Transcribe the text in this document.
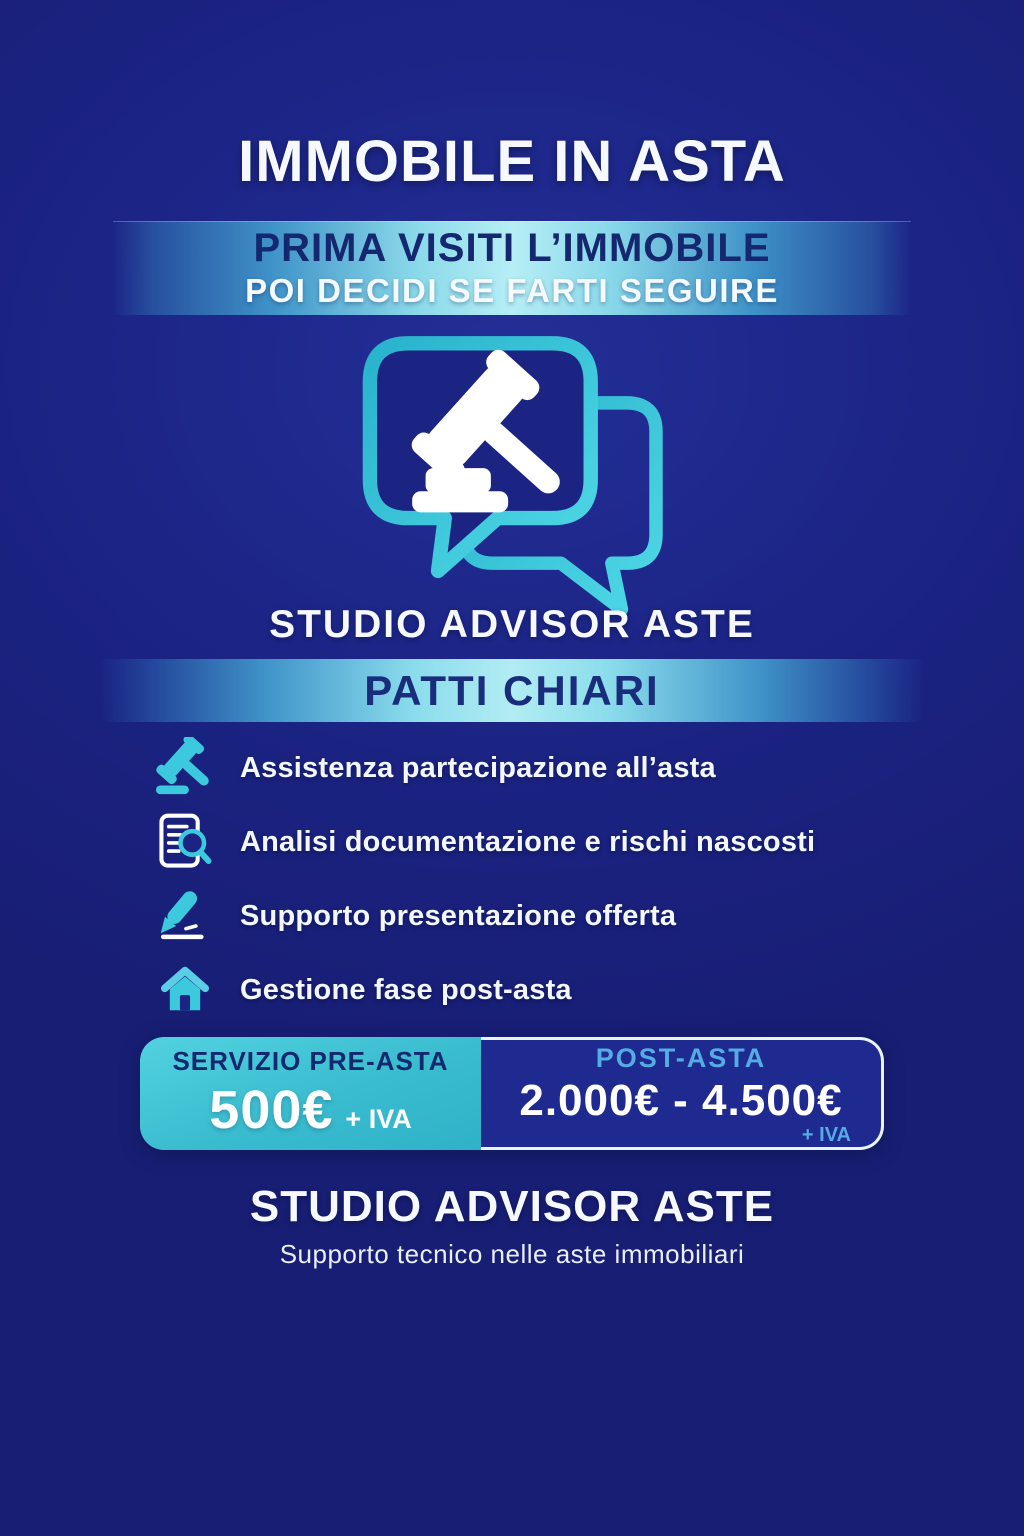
IMMOBILE IN ASTA
PRIMA VISITI L’IMMOBILE
POI DECIDI SE FARTI SEGUIRE
STUDIO ADVISOR ASTE
PATTI CHIARI
Assistenza partecipazione all’asta
Analisi documentazione e rischi nascosti
Supporto presentazione offerta
Gestione fase post-asta
SERVIZIO PRE-ASTA
500€ + IVA
POST-ASTA
2.000€ - 4.500€
+ IVA
STUDIO ADVISOR ASTE
Supporto tecnico nelle aste immobiliari
